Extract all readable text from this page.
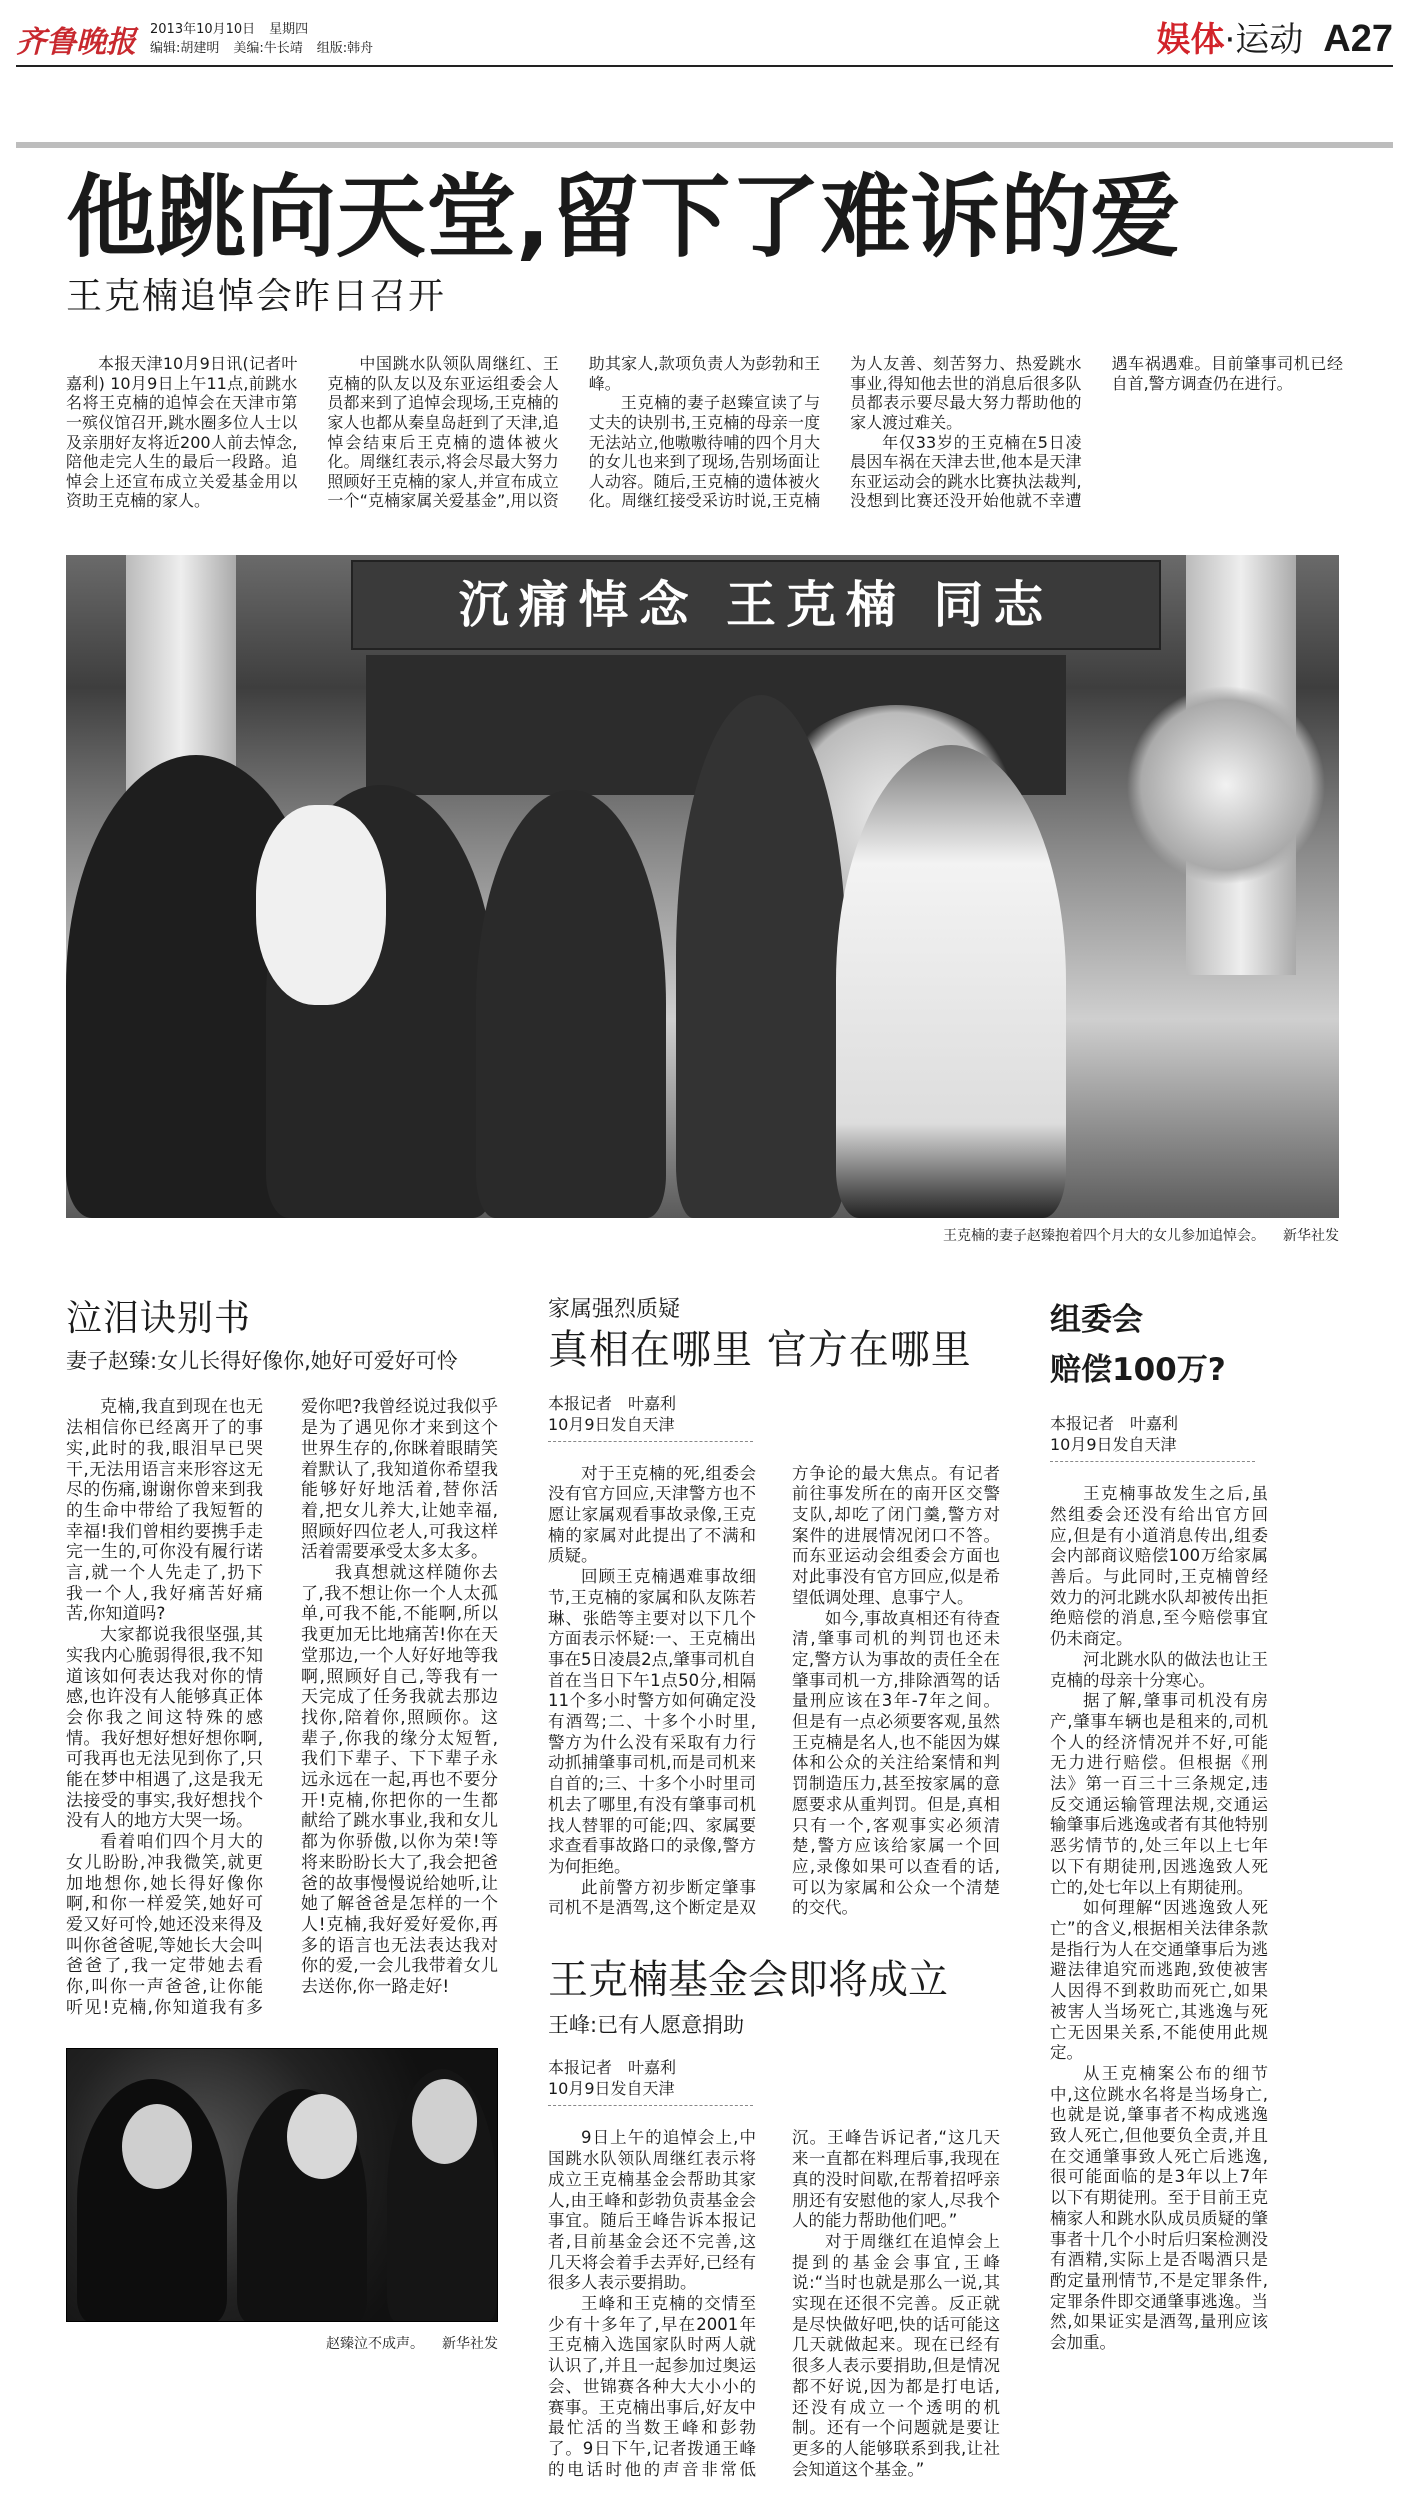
齐鲁晚报 2013年10月10日 星期四
编辑:胡建明 美编:牛长靖 组版:韩舟	娱体·运动 A27
他跳向天堂,留下了难诉的爱
王克楠追悼会昨日召开

本报天津10月9日讯(记者叶嘉利) 10月9日上午11点,前跳水名将王克楠的追悼会在天津市第一殡仪馆召开,跳水圈多位人士以及亲朋好友将近200人前去悼念,陪他走完人生的最后一段路。追悼会上还宣布成立关爱基金用以资助王克楠的家人。

中国跳水队领队周继红、王克楠的队友以及东亚运组委会人员都来到了追悼会现场,王克楠的家人也都从秦皇岛赶到了天津,追悼会结束后王克楠的遗体被火化。周继红表示,将会尽最大努力照顾好王克楠的家人,并宣布成立一个“克楠家属关爱基金”,用以资助其家人,款项负责人为彭勃和王峰。

王克楠的妻子赵臻宣读了与丈夫的诀别书,王克楠的母亲一度无法站立,他嗷嗷待哺的四个月大的女儿也来到了现场,告别场面让人动容。随后,王克楠的遗体被火化。周继红接受采访时说,王克楠为人友善、刻苦努力、热爱跳水事业,得知他去世的消息后很多队员都表示要尽最大努力帮助他的家人渡过难关。

年仅33岁的王克楠在5日凌晨因车祸在天津去世,他本是天津东亚运动会的跳水比赛执法裁判,没想到比赛还没开始他就不幸遭遇车祸遇难。目前肇事司机已经自首,警方调查仍在进行。

沉痛悼念 王克楠 同志
王克楠的妻子赵臻抱着四个月大的女儿参加追悼会。 新华社发
泣泪诀别书
妻子赵臻:女儿长得好像你,她好可爱好可怜

克楠,我直到现在也无法相信你已经离开了的事实,此时的我,眼泪早已哭干,无法用语言来形容这无尽的伤痛,谢谢你曾来到我的生命中带给了我短暂的幸福!我们曾相约要携手走完一生的,可你没有履行诺言,就一个人先走了,扔下我一个人,我好痛苦好痛苦,你知道吗?

大家都说我很坚强,其实我内心脆弱得很,我不知道该如何表达我对你的情感,也许没有人能够真正体会你我之间这特殊的感情。我好想好想好想你啊,可我再也无法见到你了,只能在梦中相遇了,这是我无法接受的事实,我好想找个没有人的地方大哭一场。

看着咱们四个月大的女儿盼盼,冲我微笑,就更加地想你,她长得好像你啊,和你一样爱笑,她好可爱又好可怜,她还没来得及叫你爸爸呢,等她长大会叫爸爸了,我一定带她去看你,叫你一声爸爸,让你能听见!克楠,你知道我有多爱你吧?我曾经说过我似乎是为了遇见你才来到这个世界生存的,你眯着眼睛笑着默认了,我知道你希望我能够好好地活着,替你活着,把女儿养大,让她幸福,照顾好四位老人,可我这样活着需要承受太多太多。

我真想就这样随你去了,我不想让你一个人太孤单,可我不能,不能啊,所以我更加无比地痛苦!你在天堂那边,一个人好好地等我啊,照顾好自己,等我有一天完成了任务我就去那边找你,陪着你,照顾你。这辈子,你我的缘分太短暂,我们下辈子、下下辈子永远永远在一起,再也不要分开!克楠,你把你的一生都献给了跳水事业,我和女儿都为你骄傲,以你为荣!等将来盼盼长大了,我会把爸爸的故事慢慢说给她听,让她了解爸爸是怎样的一个人!克楠,我好爱好爱你,再多的语言也无法表达我对你的爱,一会儿我带着女儿去送你,你一路走好!

赵臻泣不成声。 新华社发
家属强烈质疑
真相在哪里 官方在哪里
本报记者　叶嘉利
10月9日发自天津

对于王克楠的死,组委会没有官方回应,天津警方也不愿让家属观看事故录像,王克楠的家属对此提出了不满和质疑。

回顾王克楠遇难事故细节,王克楠的家属和队友陈若琳、张皓等主要对以下几个方面表示怀疑:一、王克楠出事在5日凌晨2点,肇事司机自首在当日下午1点50分,相隔11个多小时警方如何确定没有酒驾;二、十多个小时里,警方为什么没有采取有力行动抓捕肇事司机,而是司机来自首的;三、十多个小时里司机去了哪里,有没有肇事司机找人替罪的可能;四、家属要求查看事故路口的录像,警方为何拒绝。

此前警方初步断定肇事司机不是酒驾,这个断定是双方争论的最大焦点。有记者前往事发所在的南开区交警支队,却吃了闭门羹,警方对案件的进展情况闭口不答。而东亚运动会组委会方面也对此事没有官方回应,似是希望低调处理、息事宁人。

如今,事故真相还有待查清,肇事司机的判罚也还未定,警方认为事故的责任全在肇事司机一方,排除酒驾的话量刑应该在3年-7年之间。但是有一点必须要客观,虽然王克楠是名人,也不能因为媒体和公众的关注给案情和判罚制造压力,甚至按家属的意愿要求从重判罚。但是,真相只有一个,客观事实必须清楚,警方应该给家属一个回应,录像如果可以查看的话,可以为家属和公众一个清楚的交代。

王克楠基金会即将成立
王峰:已有人愿意捐助
本报记者　叶嘉利
10月9日发自天津

9日上午的追悼会上,中国跳水队领队周继红表示将成立王克楠基金会帮助其家人,由王峰和彭勃负责基金会事宜。随后王峰告诉本报记者,目前基金会还不完善,这几天将会着手去弄好,已经有很多人表示要捐助。

王峰和王克楠的交情至少有十多年了,早在2001年王克楠入选国家队时两人就认识了,并且一起参加过奥运会、世锦赛各种大大小小的赛事。王克楠出事后,好友中最忙活的当数王峰和彭勃了。9日下午,记者拨通王峰的电话时他的声音非常低沉。王峰告诉记者,“这几天来一直都在料理后事,我现在真的没时间歇,在帮着招呼亲朋还有安慰他的家人,尽我个人的能力帮助他们吧。”

对于周继红在追悼会上提到的基金会事宜,王峰说:“当时也就是那么一说,其实现在还很不完善。反正就是尽快做好吧,快的话可能这几天就做起来。现在已经有很多人表示要捐助,但是情况都不好说,因为都是打电话,还没有成立一个透明的机制。还有一个问题就是要让更多的人能够联系到我,让社会知道这个基金。”

组委会
赔偿100万?
本报记者　叶嘉利
10月9日发自天津

王克楠事故发生之后,虽然组委会还没有给出官方回应,但是有小道消息传出,组委会内部商议赔偿100万给家属善后。与此同时,王克楠曾经效力的河北跳水队却被传出拒绝赔偿的消息,至今赔偿事宜仍未商定。

河北跳水队的做法也让王克楠的母亲十分寒心。

据了解,肇事司机没有房产,肇事车辆也是租来的,司机个人的经济情况并不好,可能无力进行赔偿。但根据《刑法》第一百三十三条规定,违反交通运输管理法规,交通运输肇事后逃逸或者有其他特别恶劣情节的,处三年以上七年以下有期徒刑,因逃逸致人死亡的,处七年以上有期徒刑。

如何理解“因逃逸致人死亡”的含义,根据相关法律条款是指行为人在交通肇事后为逃避法律追究而逃跑,致使被害人因得不到救助而死亡,如果被害人当场死亡,其逃逸与死亡无因果关系,不能使用此规定。

从王克楠案公布的细节中,这位跳水名将是当场身亡,也就是说,肇事者不构成逃逸致人死亡,但他要负全责,并且在交通肇事致人死亡后逃逸,很可能面临的是3年以上7年以下有期徒刑。至于目前王克楠家人和跳水队成员质疑的肇事者十几个小时后归案检测没有酒精,实际上是否喝酒只是酌定量刑情节,不是定罪条件,定罪条件即交通肇事逃逸。当然,如果证实是酒驾,量刑应该会加重。
